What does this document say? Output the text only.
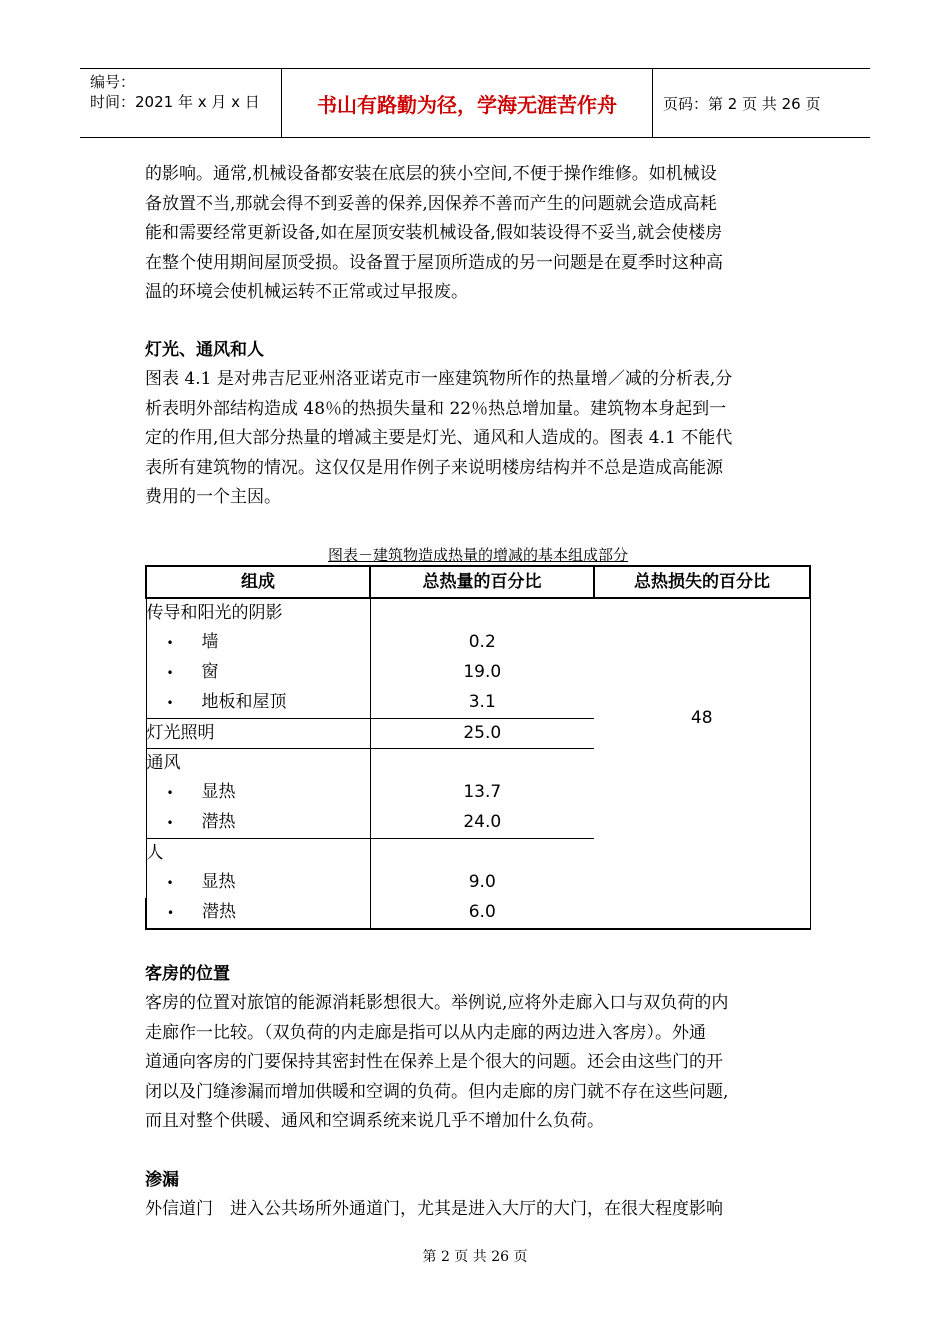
编号：
时间：2021 年 x 月 x 日	书山有路勤为径，学海无涯苦作舟	页码：第 2 页 共 26 页

的影响。通常,机械设备都安装在底层的狭小空间,不便于操作维修。如机械设

备放置不当,那就会得不到妥善的保养,因保养不善而产生的问题就会造成高耗

能和需要经常更新设备,如在屋顶安装机械设备,假如装设得不妥当,就会使楼房

在整个使用期间屋顶受损。设备置于屋顶所造成的另一问题是在夏季时这种高

温的环境会使机械运转不正常或过早报废。

灯光、通风和人

图表 4.1 是对弗吉尼亚州洛亚诺克市一座建筑物所作的热量增／减的分析表,分

析表明外部结构造成 48％的热损失量和 22％热总增加量。建筑物本身起到一

定的作用,但大部分热量的增减主要是灯光、通风和人造成的。图表 4.1 不能代

表所有建筑物的情况。这仅仅是用作例子来说明楼房结构并不总是造成高能源

费用的一个主因。

图表－建筑物造成热量的增减的基本组成部分

组成	总热量的百分比	总热损失的百分比
传导和阳光的阴影		48
• 墙	0.2	
• 窗	19.0	
• 地板和屋顶	3.1	
灯光照明	25.0	
通风		
• 显热	13.7	
• 潜热	24.0	
人		
• 显热	9.0	
• 潜热	6.0	

客房的位置

客房的位置对旅馆的能源消耗影想很大。举例说,应将外走廊入口与双负荷的内

走廊作一比较。（双负荷的内走廊是指可以从内走廊的两边进入客房）。外通

道通向客房的门要保持其密封性在保养上是个很大的问题。还会由这些门的开

闭以及门缝渗漏而增加供暖和空调的负荷。但内走廊的房门就不存在这些问题,

而且对整个供暖、通风和空调系统来说几乎不增加什么负荷。

渗漏

外信道门　进入公共场所外通道门，尤其是进入大厅的大门，在很大程度影响

第 2 页 共 26 页
